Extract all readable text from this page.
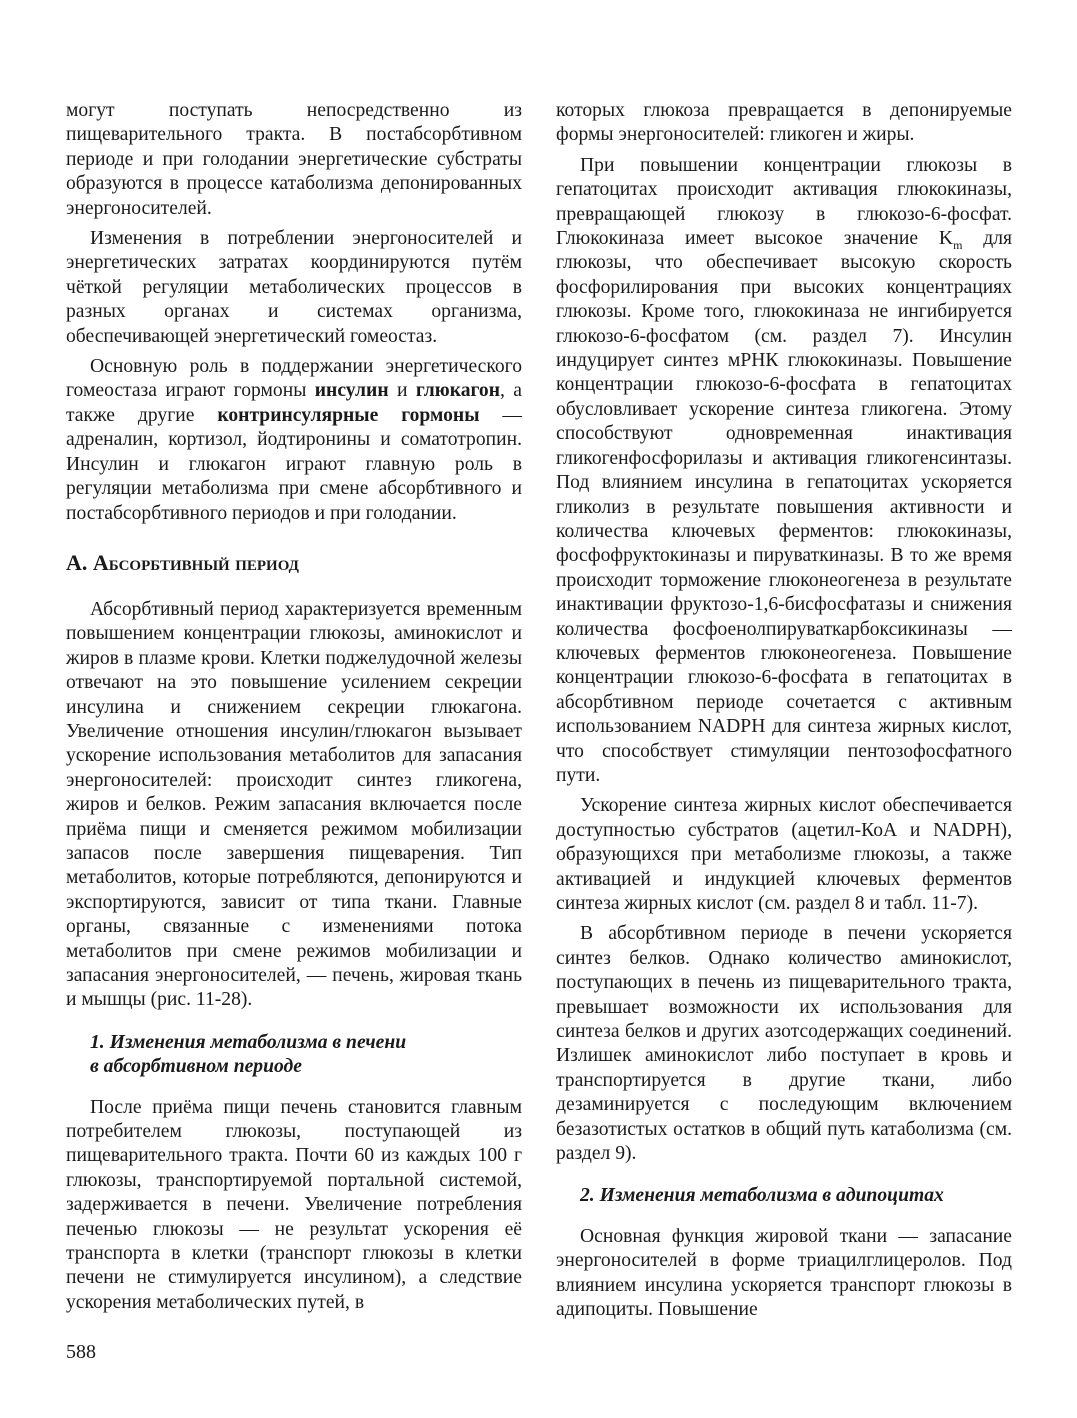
могут поступать непосредственно из пищеварительного тракта. В постабсорбтивном периоде и при голодании энергетические субстраты образуются в процессе катаболизма депонированных энергоносителей.

Изменения в потреблении энергоносителей и энергетических затратах координируются путём чёткой регуляции метаболических процессов в разных органах и системах организма, обеспечивающей энергетический гомеостаз.

Основную роль в поддержании энергетического гомеостаза играют гормоны инсулин и глюкагон, а также другие контринсулярные гормоны — адреналин, кортизол, йодтиронины и соматотропин. Инсулин и глюкагон играют главную роль в регуляции метаболизма при смене абсорбтивного и постабсорбтивного периодов и при голодании.

А. Абсорбтивный период

Абсорбтивный период характеризуется временным повышением концентрации глюкозы, аминокислот и жиров в плазме крови. Клетки поджелудочной железы отвечают на это повышение усилением секреции инсулина и снижением секреции глюкагона. Увеличение отношения инсулин/глюкагон вызывает ускорение использования метаболитов для запасания энергоносителей: происходит синтез гликогена, жиров и белков. Режим запасания включается после приёма пищи и сменяется режимом мобилизации запасов после завершения пищеварения. Тип метаболитов, которые потребляются, депонируются и экспортируются, зависит от типа ткани. Главные органы, связанные с изменениями потока метаболитов при смене режимов мобилизации и запасания энергоносителей, — печень, жировая ткань и мышцы (рис. 11-28).

1. Изменения метаболизма в печени
в абсорбтивном периоде

После приёма пищи печень становится главным потребителем глюкозы, поступающей из пищеварительного тракта. Почти 60 из каждых 100 г глюкозы, транспортируемой портальной системой, задерживается в печени. Увеличение потребления печенью глюкозы — не результат ускорения её транспорта в клетки (транспорт глюкозы в клетки печени не стимулируется инсулином), а следствие ускорения метаболических путей, в

которых глюкоза превращается в депонируемые формы энергоносителей: гликоген и жиры.

При повышении концентрации глюкозы в гепатоцитах происходит активация глюкокиназы, превращающей глюкозу в глюкозо-6-фосфат. Глюкокиназа имеет высокое значение $K_m$ для глюкозы, что обеспечивает высокую скорость фосфорилирования при высоких концентрациях глюкозы. Кроме того, глюкокиназа не ингибируется глюкозо-6-фосфатом (см. раздел 7). Инсулин индуцирует синтез мРНК глюкокиназы. Повышение концентрации глюкозо-6-фосфата в гепатоцитах обусловливает ускорение синтеза гликогена. Этому способствуют одновременная инактивация гликогенфосфорилазы и активация гликогенсинтазы. Под влиянием инсулина в гепатоцитах ускоряется гликолиз в результате повышения активности и количества ключевых ферментов: глюкокиназы, фосфофруктокиназы и пируваткиназы. В то же время происходит торможение глюконеогенеза в результате инактивации фруктозо-1,6-бисфосфатазы и снижения количества фосфоенолпируваткарбоксикиназы — ключевых ферментов глюконеогенеза. Повышение концентрации глюкозо-6-фосфата в гепатоцитах в абсорбтивном периоде сочетается с активным использованием NADPH для синтеза жирных кислот, что способствует стимуляции пентозофосфатного пути.

Ускорение синтеза жирных кислот обеспечивается доступностью субстратов (ацетил-КоА и NADPH), образующихся при метаболизме глюкозы, а также активацией и индукцией ключевых ферментов синтеза жирных кислот (см. раздел 8 и табл. 11-7).

В абсорбтивном периоде в печени ускоряется синтез белков. Однако количество аминокислот, поступающих в печень из пищеварительного тракта, превышает возможности их использования для синтеза белков и других азотсодержащих соединений. Излишек аминокислот либо поступает в кровь и транспортируется в другие ткани, либо дезаминируется с последующим включением безазотистых остатков в общий путь катаболизма (см. раздел 9).

2. Изменения метаболизма в адипоцитах

Основная функция жировой ткани — запасание энергоносителей в форме триацилглицеролов. Под влиянием инсулина ускоряется транспорт глюкозы в адипоциты. Повышение

588
